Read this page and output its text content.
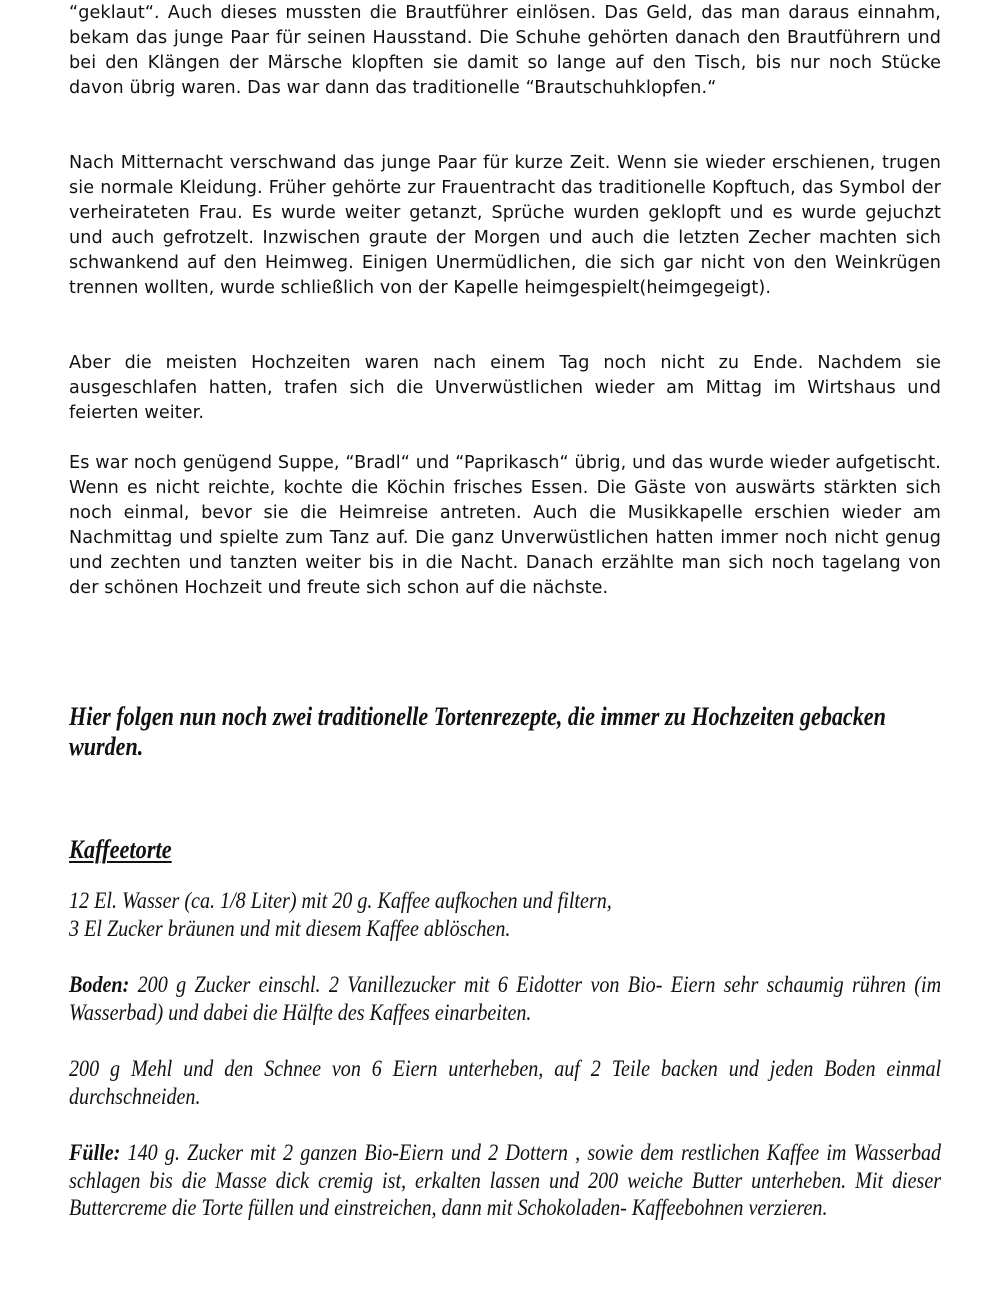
“geklaut“. Auch dieses mussten die Brautführer einlösen. Das Geld, das man daraus einnahm, bekam das junge Paar für seinen Hausstand. Die Schuhe gehörten danach den Brautführern und bei den Klängen der Märsche klopften sie damit so lange auf den Tisch, bis nur noch Stücke davon übrig waren. Das war dann das traditionelle “Brautschuhklopfen.“

Nach Mitternacht verschwand das junge Paar für kurze Zeit. Wenn sie wieder erschienen, trugen sie normale Kleidung. Früher gehörte zur Frauentracht das traditionelle Kopftuch, das Symbol der verheirateten Frau. Es wurde weiter getanzt, Sprüche wurden geklopft und es wurde gejuchzt und auch gefrotzelt. Inzwischen graute der Morgen und auch die letzten Zecher machten sich schwankend auf den Heimweg. Einigen Unermüdlichen, die sich gar nicht von den Weinkrügen trennen wollten, wurde schließlich von der Kapelle heimgespielt(heimgegeigt).

Aber die meisten Hochzeiten waren nach einem Tag noch nicht zu Ende. Nachdem sie ausgeschlafen hatten, trafen sich die Unverwüstlichen wieder am Mittag im Wirtshaus und feierten weiter.

Es war noch genügend Suppe, “Bradl“ und “Paprikasch“ übrig, und das wurde wieder aufgetischt. Wenn es nicht reichte, kochte die Köchin frisches Essen. Die Gäste von auswärts stärkten sich noch einmal, bevor sie die Heimreise antreten. Auch die Musikkapelle erschien wieder am Nachmittag und spielte zum Tanz auf. Die ganz Unverwüstlichen hatten immer noch nicht genug und zechten und tanzten weiter bis in die Nacht. Danach erzählte man sich noch tagelang von der schönen Hochzeit und freute sich schon auf die nächste.

Hier folgen nun noch zwei traditionelle Tortenrezepte, die immer zu Hochzeiten gebacken wurden.
Kaffeetorte

12 El. Wasser (ca. 1/8 Liter) mit 20 g. Kaffee aufkochen und filtern,
3 El Zucker bräunen und mit diesem Kaffee ablöschen.

Boden: 200 g Zucker einschl. 2 Vanillezucker mit 6 Eidotter von Bio- Eiern sehr schaumig rühren (im Wasserbad) und dabei die Hälfte des Kaffees einarbeiten.

200 g Mehl und den Schnee von 6 Eiern unterheben, auf 2 Teile backen und jeden Boden einmal durchschneiden.

Fülle: 140 g. Zucker mit 2 ganzen Bio-Eiern und 2 Dottern , sowie dem restlichen Kaffee im Wasserbad schlagen bis die Masse dick cremig ist, erkalten lassen und 200 weiche Butter unterheben. Mit dieser Buttercreme die Torte füllen und einstreichen, dann mit Schokoladen- Kaffeebohnen verzieren.
